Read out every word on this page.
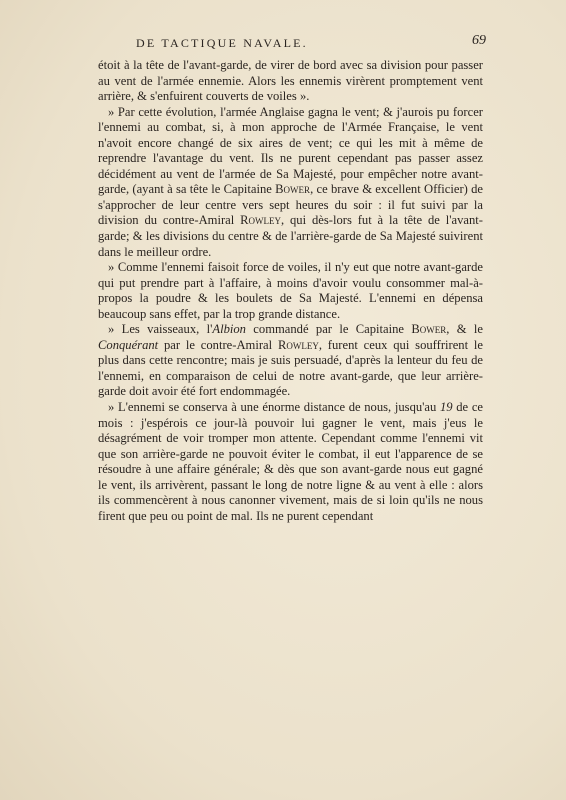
DE TACTIQUE NAVALE.	69

étoit à la tête de l'avant-garde, de virer de bord avec sa division pour passer au vent de l'armée ennemie. Alors les ennemis virèrent promptement vent arrière, & s'enfuirent couverts de voiles ».

» Par cette évolution, l'armée Anglaise gagna le vent; & j'aurois pu forcer l'ennemi au combat, si, à mon approche de l'Armée Française, le vent n'avoit encore changé de six aires de vent; ce qui les mit à même de reprendre l'avantage du vent. Ils ne purent cependant pas passer assez décidément au vent de l'armée de Sa Majesté, pour empêcher notre avant-garde, (ayant à sa tête le Capitaine Bower, ce brave & excellent Officier) de s'approcher de leur centre vers sept heures du soir : il fut suivi par la division du contre-Amiral Rowley, qui dès-lors fut à la tête de l'avant-garde; & les divisions du centre & de l'arrière-garde de Sa Majesté suivirent dans le meilleur ordre.

» Comme l'ennemi faisoit force de voiles, il n'y eut que notre avant-garde qui put prendre part à l'affaire, à moins d'avoir voulu consommer mal-à-propos la poudre & les boulets de Sa Majesté. L'ennemi en dépensa beaucoup sans effet, par la trop grande distance.

» Les vaisseaux, l'Albion commandé par le Capitaine Bower, & le Conquérant par le contre-Amiral Rowley, furent ceux qui souffrirent le plus dans cette rencontre; mais je suis persuadé, d'après la lenteur du feu de l'ennemi, en comparaison de celui de notre avant-garde, que leur arrière-garde doit avoir été fort endommagée.

» L'ennemi se conserva à une énorme distance de nous, jusqu'au 19 de ce mois : j'espérois ce jour-là pouvoir lui gagner le vent, mais j'eus le désagrément de voir tromper mon attente. Cependant comme l'ennemi vit que son arrière-garde ne pouvoit éviter le combat, il eut l'apparence de se résoudre à une affaire générale; & dès que son avant-garde nous eut gagné le vent, ils arrivèrent, passant le long de notre ligne & au vent à elle : alors ils commencèrent à nous canonner vivement, mais de si loin qu'ils ne nous firent que peu ou point de mal. Ils ne purent cependant
